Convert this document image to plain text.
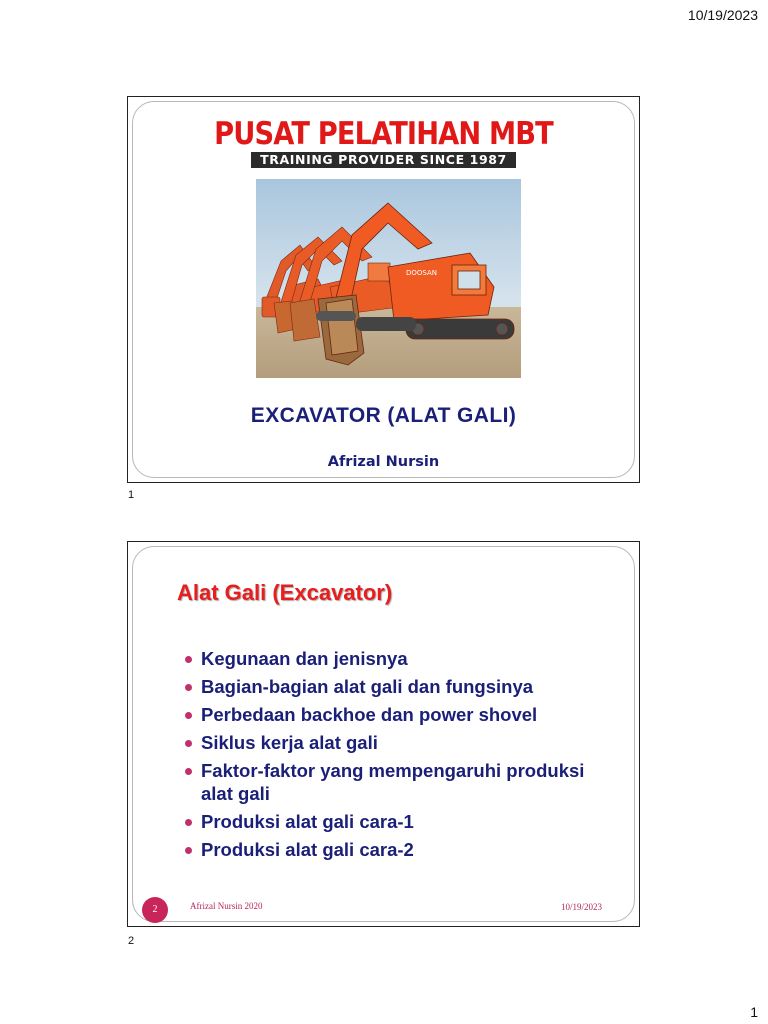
10/19/2023
PUSAT PELATIHAN MBT
TRAINING PROVIDER SINCE 1987
DOOSAN
EXCAVATOR (ALAT GALI)
Afrizal Nursin
1
Alat Gali (Excavator)
Kegunaan dan jenisnya
Bagian-bagian alat gali dan fungsinya
Perbedaan backhoe dan power shovel
Siklus kerja alat gali
Faktor-faktor yang mempengaruhi produksi alat gali
Produksi alat gali cara-1
Produksi alat gali cara-2
2	Afrizal Nursin 2020	10/19/2023
2
1
